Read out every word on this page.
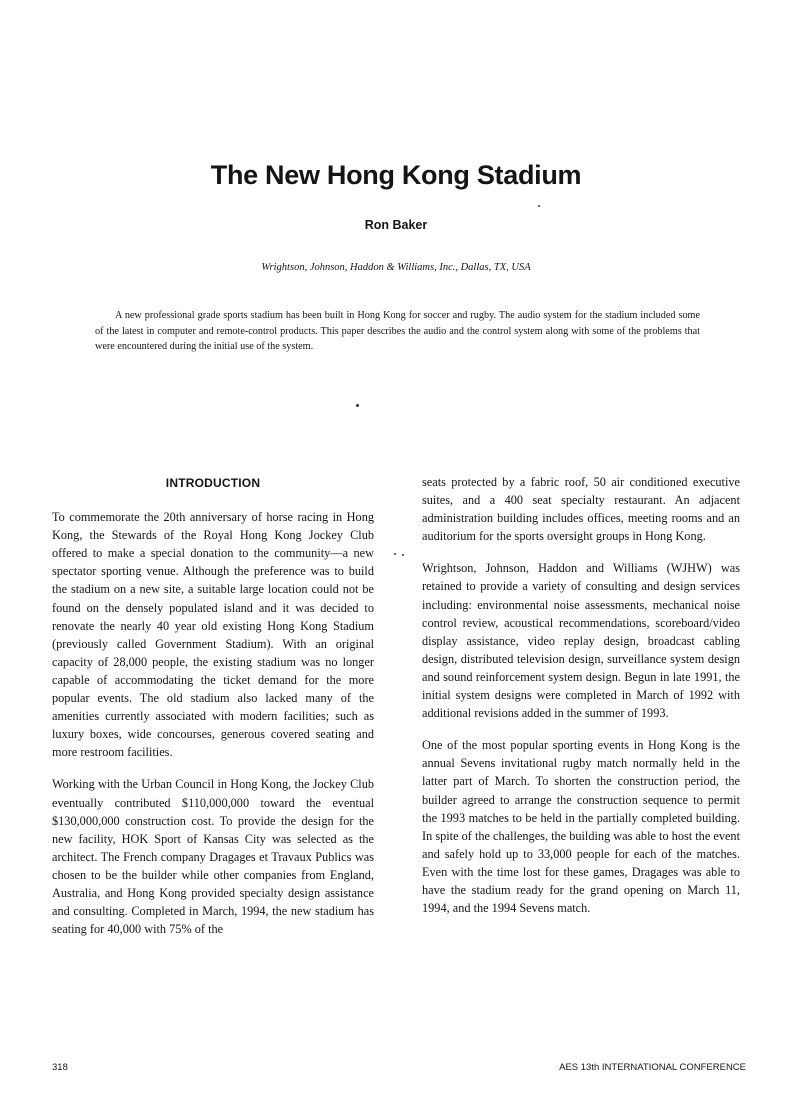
The New Hong Kong Stadium
Ron Baker
Wrightson, Johnson, Haddon & Williams, Inc., Dallas, TX, USA

A new professional grade sports stadium has been built in Hong Kong for soccer and rugby. The audio system for the stadium included some of the latest in computer and remote-control products. This paper describes the audio and the control system along with some of the problems that were encountered during the initial use of the system.

INTRODUCTION

To commemorate the 20th anniversary of horse racing in Hong Kong, the Stewards of the Royal Hong Kong Jockey Club offered to make a special donation to the community—a new spectator sporting venue. Although the preference was to build the stadium on a new site, a suitable large location could not be found on the densely populated island and it was decided to renovate the nearly 40 year old existing Hong Kong Stadium (previously called Government Stadium). With an original capacity of 28,000 people, the existing stadium was no longer capable of accommodating the ticket demand for the more popular events. The old stadium also lacked many of the amenities currently associated with modern facilities; such as luxury boxes, wide concourses, generous covered seating and more restroom facilities.

Working with the Urban Council in Hong Kong, the Jockey Club eventually contributed $110,000,000 toward the eventual $130,000,000 construction cost. To provide the design for the new facility, HOK Sport of Kansas City was selected as the architect. The French company Dragages et Travaux Publics was chosen to be the builder while other companies from England, Australia, and Hong Kong provided specialty design assistance and consulting. Completed in March, 1994, the new stadium has seating for 40,000 with 75% of the

seats protected by a fabric roof, 50 air conditioned executive suites, and a 400 seat specialty restaurant. An adjacent administration building includes offices, meeting rooms and an auditorium for the sports oversight groups in Hong Kong.

Wrightson, Johnson, Haddon and Williams (WJHW) was retained to provide a variety of consulting and design services including: environmental noise assessments, mechanical noise control review, acoustical recommendations, scoreboard/video display assistance, video replay design, broadcast cabling design, distributed television design, surveillance system design and sound reinforcement system design. Begun in late 1991, the initial system designs were completed in March of 1992 with additional revisions added in the summer of 1993.

One of the most popular sporting events in Hong Kong is the annual Sevens invitational rugby match normally held in the latter part of March. To shorten the construction period, the builder agreed to arrange the construction sequence to permit the 1993 matches to be held in the partially completed building. In spite of the challenges, the building was able to host the event and safely hold up to 33,000 people for each of the matches. Even with the time lost for these games, Dragages was able to have the stadium ready for the grand opening on March 11, 1994, and the 1994 Sevens match.

318	AES 13th INTERNATIONAL CONFERENCE
